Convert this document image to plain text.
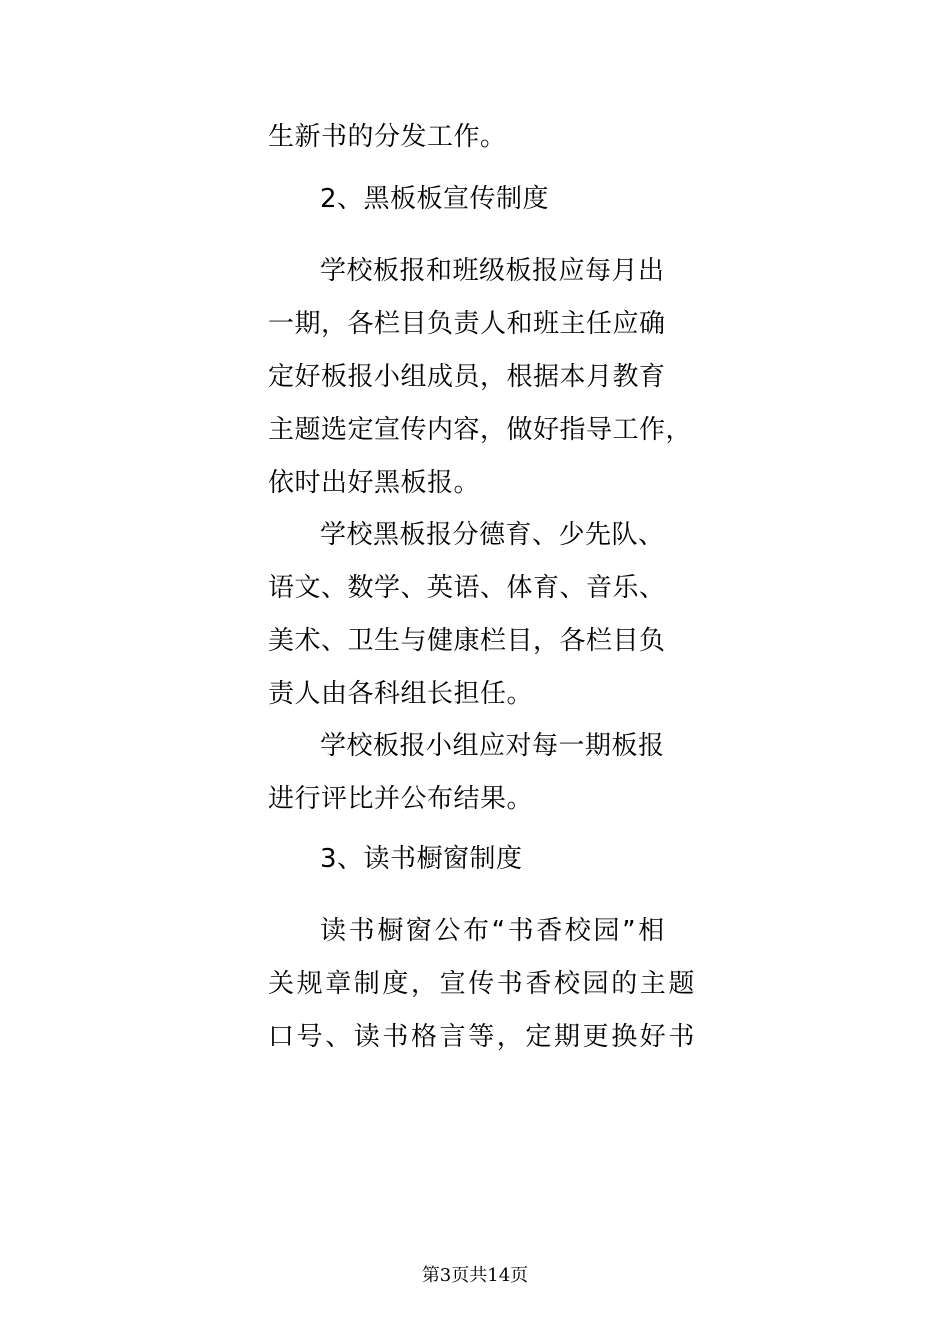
生新书的分发工作。
2、黑板板宣传制度
学校板报和班级板报应每月出
一期，各栏目负责人和班主任应确
定好板报小组成员，根据本月教育
主题选定宣传内容，做好指导工作，
依时出好黑板报。
学校黑板报分德育、少先队、
语文、数学、英语、体育、音乐、
美术、卫生与健康栏目，各栏目负
责人由各科组长担任。
学校板报小组应对每一期板报
进行评比并公布结果。
3、读书橱窗制度
读书橱窗公布“书香校园”相
关规章制度，宣传书香校园的主题
口号、读书格言等，定期更换好书
第3页共14页
